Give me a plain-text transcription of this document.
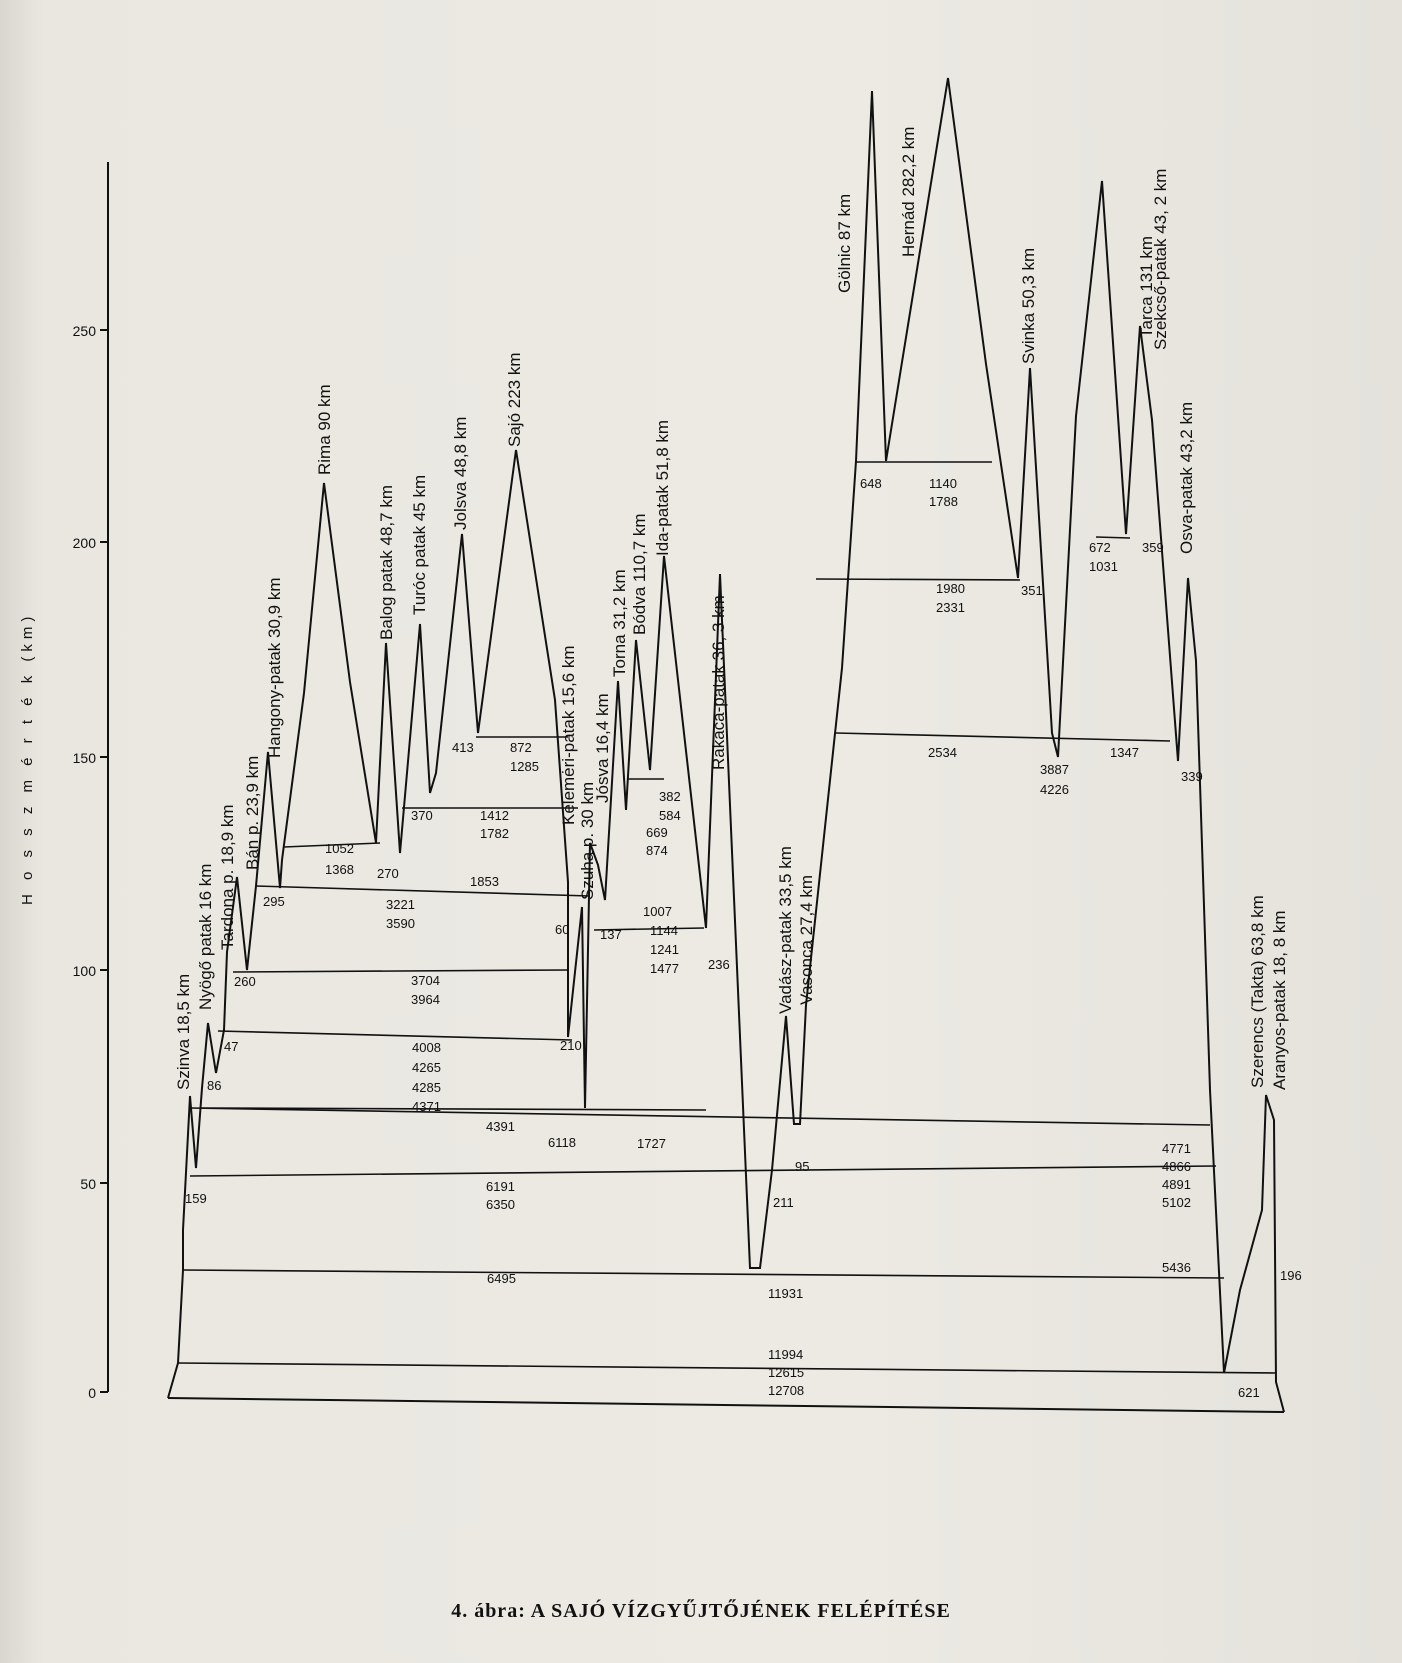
250
200
150
100
50
0
H o s s z m é r t é k (km)
Szinva 18,5 km
Nyögő patak 16 km Tardona p. 18,9 km Bán p. 23,9 km
Hangony-patak 30,9 km
Rima 90 km
Balog patak 48,7 km Turóc patak 45 km
Jolsva 48,8 km
Sajó 223 km
Kelemėri-patak 15,6 km
Szuha p. 30 km
Jósva 16,4 km
Torna 31,2 km Bódva 110,7 km
Ida-patak 51,8 km
Rakaca-patak 36, 3 km
Vadász-patak 33,5 km Vasonca 27,4 km
Gölnic 87 km	Hernád 282,2 km
Svinka 50,3 km	Tarca 131 km
Szekcső-patak 43, 2 km
Osva-patak 43,2 km
Szerencs (Takta) 63,8 km Aranyos-patak 18, 8 km
159
86
47
260
295
1052
1368 270
3221
3590
370	1412
1782
1853
413	872
1285
60 137
210
382
584
669
874
1007
1144
1241
1477 236
3704
3964
4008
4265
4285
4371
4391
6118	1727
6191
6350
6495
11931
11994
12615
12708
211
95
648	1140
1788
1980
2331
351
672
1031
359
2534
3887
4226
1347
339
4771
4866
4891
5102
5436
196
621
4. ábra: A SAJÓ VÍZGYŰJTŐJÉNEK FELÉPÍTÉSE
